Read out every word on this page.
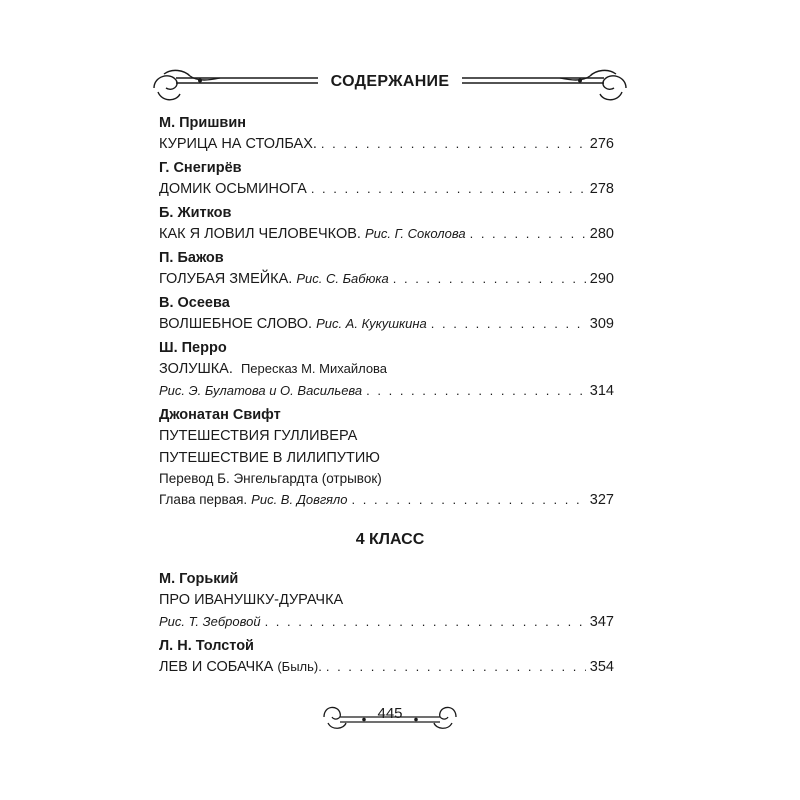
СОДЕРЖАНИЕ
М. Пришвин
КУРИЦА НА СТОЛБАХ. . . .	276
Г. Снегирёв
ДОМИК ОСЬМИНОГА . . .	278
Б. Житков
КАК Я ЛОВИЛ ЧЕЛОВЕЧКОВ. Рис. Г. Соколова . . .	280
П. Бажов
ГОЛУБАЯ ЗМЕЙКА. Рис. С. Бабюка . . .	290
В. Осеева
ВОЛШЕБНОЕ СЛОВО. Рис. А. Кукушкина . . .	309
Ш. Перро
ЗОЛУШКА. Пересказ М. Михайлова
Рис. Э. Булатова и О. Васильева . . .	314
Джонатан Свифт
ПУТЕШЕСТВИЯ ГУЛЛИВЕРА
ПУТЕШЕСТВИЕ В ЛИЛИПУТИЮ
Перевод Б. Энгельгардта (отрывок)
Глава первая. Рис. В. Довгяло . . .	327
4 КЛАСС
М. Горький
ПРО ИВАНУШКУ-ДУРАЧКА
Рис. Т. Зебровой . . .	347
Л. Н. Толстой
ЛЕВ И СОБАЧКА (Быль). . . .	354
445
